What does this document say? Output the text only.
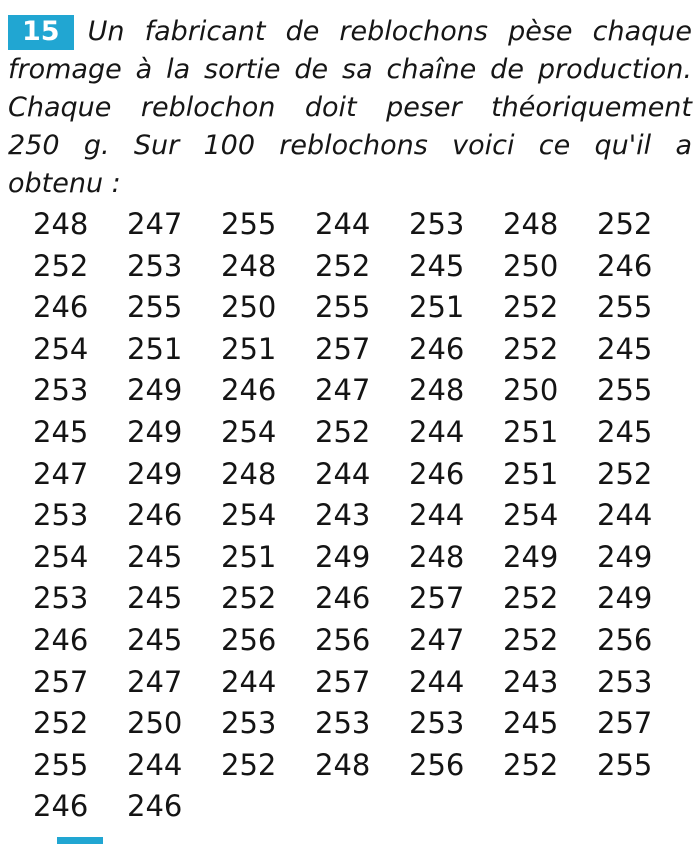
15 Un fabricant de reblochons pèse chaque
fromage à la sortie de sa chaîne de production.
Chaque reblochon doit peser théoriquement
250 g. Sur 100 reblochons voici ce qu'il a
obtenu :
248	247	255	244	253	248	252
252	253	248	252	245	250	246
246	255	250	255	251	252	255
254	251	251	257	246	252	245
253	249	246	247	248	250	255
245	249	254	252	244	251	245
247	249	248	244	246	251	252
253	246	254	243	244	254	244
254	245	251	249	248	249	249
253	245	252	246	257	252	249
246	245	256	256	247	252	256
257	247	244	257	244	243	253
252	250	253	253	253	245	257
255	244	252	248	256	252	255
246	246
